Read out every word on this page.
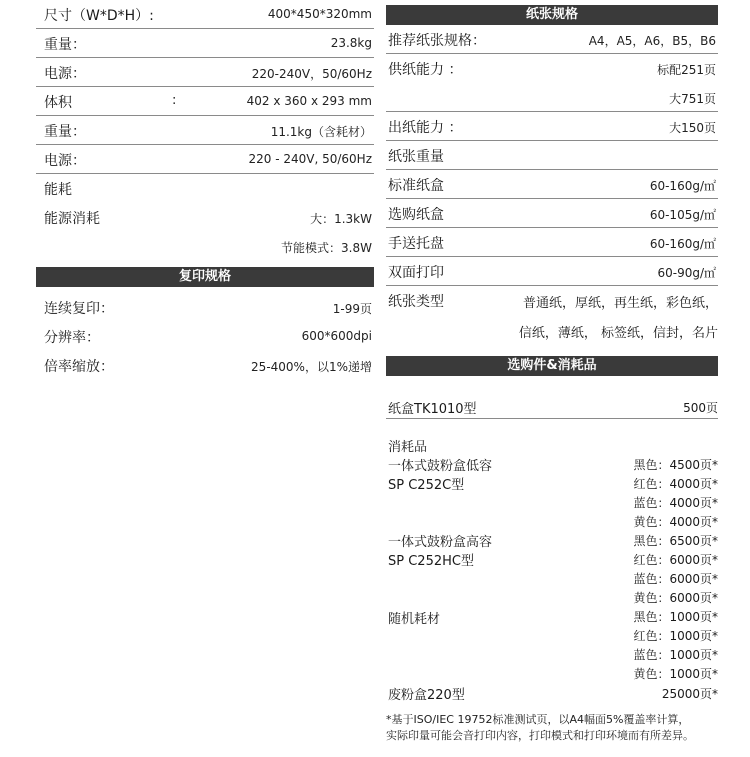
尺寸（W*D*H）:	400*450*320mm
重量：	23.8kg
电源：	220-240V，50/60Hz
体积	:	402 x 360 x 293 mm
重量：	11.1kg（含耗材）
电源：	220 - 240V, 50/60Hz
能耗
能源消耗	大：1.3kW
节能模式：3.8W
复印规格
连续复印：	1-99页
分辨率：	600*600dpi
倍率缩放：	25-400%，以1%递增
纸张规格
推荐纸张规格：	A4，A5，A6，B5，B6
供纸能力 ：	标配251页
大751页
出纸能力 ：	大150页
纸张重量
标准纸盒	60-160g/㎡
选购纸盒	60-105g/㎡
手送托盘	60-160g/㎡
双面打印	60-90g/㎡
纸张类型	普通纸，厚纸，再生纸，彩色纸，
信纸，薄纸， 标签纸，信封，名片
选购件&消耗品
纸盒TK1010型	500页
消耗品
一体式鼓粉盒低容
SP C252C型
黑色：4500页*
红色：4000页*
蓝色：4000页*
黄色：4000页*
一体式鼓粉盒高容
SP C252HC型
黑色：6500页*
红色：6000页*
蓝色：6000页*
黄色：6000页*
随机耗材	黑色：1000页*
红色：1000页*
蓝色：1000页*
黄色：1000页*
废粉盒220型	25000页*
*基于ISO/IEC 19752标准测试页，以A4幅面5%覆盖率计算，
实际印量可能会音打印内容，打印模式和打印环境而有所差异。
